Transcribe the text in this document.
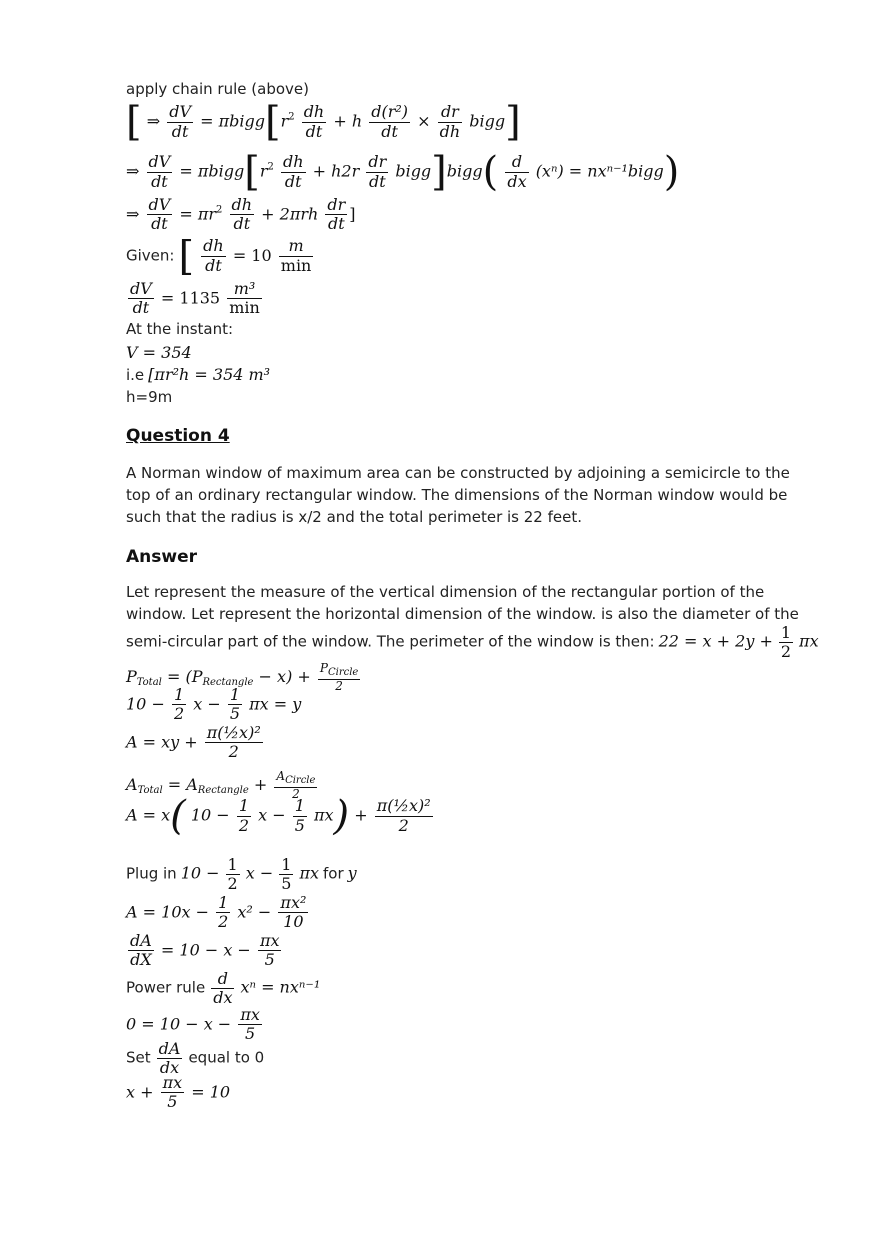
apply chain rule (above)
[ ⇒ $\frac{dV}{dt}$ = $\pi bigg[r^2 \frac{dh}{dt} + h \frac{\text{d(r²)}}{dt} \times \frac{dr}{dh}$ bigg]
⇒ $\frac{dV}{dt}$ = $\pi bigg[r^2 \frac{dh}{dt} + h2r \frac{dr}{dt}$ bigg]bigg( $\frac{d}{dx} (x^n)$ = nxⁿ⁻¹bigg)
⇒ $\frac{dV}{dt} = \pi r^2 \frac{dh}{dt} + 2\pi rh \frac{dr}{dt}$ ]
Given: [ $\frac{dh}{dt} = 10 \frac{m}{\min}$
$\frac{dV}{dt} = 1135 \frac{\text{m³}}{\min}$
At the instant:
V = 354
i.e [πr²h = 354 m³
h=9m
Question 4
A Norman window of maximum area can be constructed by adjoining a semicircle to the top of an ordinary rectangular window. The dimensions of the Norman window would be such that the radius is x/2 and the total perimeter is 22 feet.
Answer
Let represent the measure of the vertical dimension of the rectangular portion of the window. Let represent the horizontal dimension of the window. is also the diameter of the
semi-circular part of the window. The perimeter of the window is then: $22 = x + 2y + \frac{1}{2}$ πx
$P_{Total} = (P_{Rectangle} - x) + \frac{P_{Circle}}{2}$
$10 - \frac{1}{2}$ $x - \frac{1}{5}$ πx = y
A = xy + $\frac{\text{π(½x)²}}{2}$
$A_{Total} = A_{Rectangle} + \frac{A_{Circle}}{2}$
A = x( $10 - \frac{1}{2}$ $x - \frac{1}{5} \pi x) + \frac{\text{π(½x)²}}{2}$
Plug in $10 - \frac{1}{2}$ $x - \frac{1}{5}$ πx for y
$A = 10x - \frac{1}{2} x^2 - \frac{\text{πx²}}{10}$
$\frac{dA}{dX} = 10 - x - \frac{\pi x}{5}$
Power rule $\frac{d}{dx}$ xⁿ = nxⁿ⁻¹
$0 = 10 - x - \frac{\pi x}{5}$
Set $\frac{dA}{dx}$ equal to 0
$x + \frac{\pi x}{5} = 10$
